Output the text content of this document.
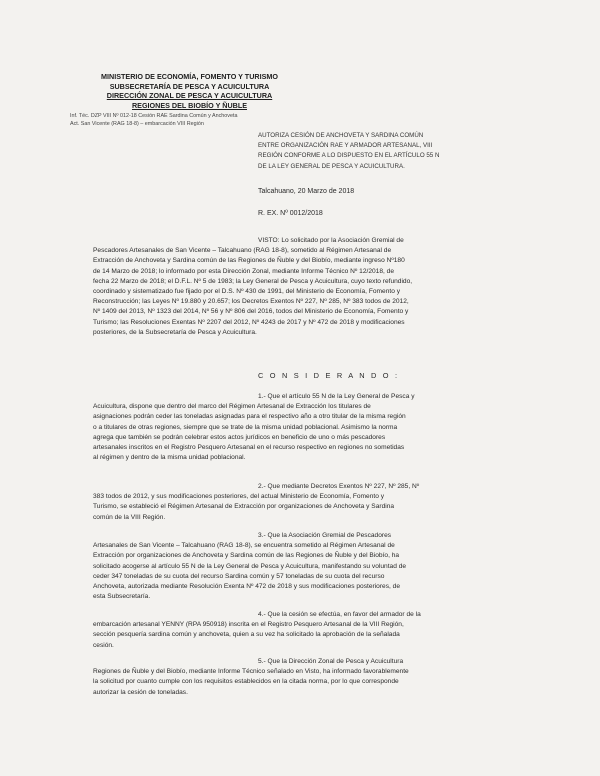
MINISTERIO DE ECONOMÍA, FOMENTO Y TURISMO
SUBSECRETARÍA DE PESCA Y ACUICULTURA
DIRECCIÓN ZONAL DE PESCA Y ACUICULTURA
REGIONES DEL BIOBÍO Y ÑUBLE
Inf. Téc. DZP VIII Nº 012-18 Cesión RAE Sardina Común y Anchoveta
Act. San Vicente (RAG 18-8) – embarcación VIII Región
AUTORIZA CESIÓN DE ANCHOVETA Y SARDINA COMÚN
ENTRE ORGANIZACIÓN RAE Y ARMADOR ARTESANAL, VIII
REGIÓN CONFORME A LO DISPUESTO EN EL ARTÍCULO 55 N
DE LA LEY GENERAL DE PESCA Y ACUICULTURA.
Talcahuano, 20 Marzo de 2018
R. EX. Nº 0012/2018
VISTO: Lo solicitado por la Asociación Gremial de
Pescadores Artesanales de San Vicente – Talcahuano (RAG 18-8), sometido al Régimen Artesanal de
Extracción de Anchoveta y Sardina común de las Regiones de Ñuble y del Biobío, mediante ingreso Nº180
de 14 Marzo de 2018; lo informado por esta Dirección Zonal, mediante Informe Técnico Nº 12/2018, de
fecha 22 Marzo de 2018; el D.F.L. Nº 5 de 1983; la Ley General de Pesca y Acuicultura, cuyo texto refundido,
coordinado y sistematizado fue fijado por el D.S. Nº 430 de 1991, del Ministerio de Economía, Fomento y
Reconstrucción; las Leyes Nº 19.880 y 20.657; los Decretos Exentos Nº 227, Nº 285, Nº 383 todos de 2012,
Nº 1409 del 2013, Nº 1323 del 2014, Nº 56 y Nº 806 del 2016, todos del Ministerio de Economía, Fomento y
Turismo; las Resoluciones Exentas Nº 2207 del 2012, Nº 4243 de 2017 y Nº 472 de 2018 y modificaciones
posteriores, de la Subsecretaría de Pesca y Acuicultura.
C O N S I D E R A N D O :
1.- Que el artículo 55 N de la Ley General de Pesca y
Acuicultura, dispone que dentro del marco del Régimen Artesanal de Extracción los titulares de
asignaciones podrán ceder las toneladas asignadas para el respectivo año a otro titular de la misma región
o a titulares de otras regiones, siempre que se trate de la misma unidad poblacional. Asimismo la norma
agrega que también se podrán celebrar estos actos jurídicos en beneficio de uno o más pescadores
artesanales inscritos en el Registro Pesquero Artesanal en el recurso respectivo en regiones no sometidas
al régimen y dentro de la misma unidad poblacional.
2.- Que mediante Decretos Exentos Nº 227, Nº 285, Nº
383 todos de 2012, y sus modificaciones posteriores, del actual Ministerio de Economía, Fomento y
Turismo, se estableció el Régimen Artesanal de Extracción por organizaciones de Anchoveta y Sardina
común de la VIII Región.
3.- Que la Asociación Gremial de Pescadores
Artesanales de San Vicente – Talcahuano (RAG 18-8), se encuentra sometido al Régimen Artesanal de
Extracción por organizaciones de Anchoveta y Sardina común de las Regiones de Ñuble y del Biobío, ha
solicitado acogerse al artículo 55 N de la Ley General de Pesca y Acuicultura, manifestando su voluntad de
ceder 347 toneladas de su cuota del recurso Sardina común y 57 toneladas de su cuota del recurso
Anchoveta, autorizada mediante Resolución Exenta Nº 472 de 2018 y sus modificaciones posteriores, de
esta Subsecretaría.
4.- Que la cesión se efectúa, en favor del armador de la
embarcación artesanal YENNY (RPA 950918) inscrita en el Registro Pesquero Artesanal de la VIII Región,
sección pesquería sardina común y anchoveta, quien a su vez ha solicitado la aprobación de la señalada
cesión.
5.- Que la Dirección Zonal de Pesca y Acuicultura
Regiones de Ñuble y del Biobío, mediante Informe Técnico señalado en Visto, ha informado favorablemente
la solicitud por cuanto cumple con los requisitos establecidos en la citada norma, por lo que corresponde
autorizar la cesión de toneladas.
